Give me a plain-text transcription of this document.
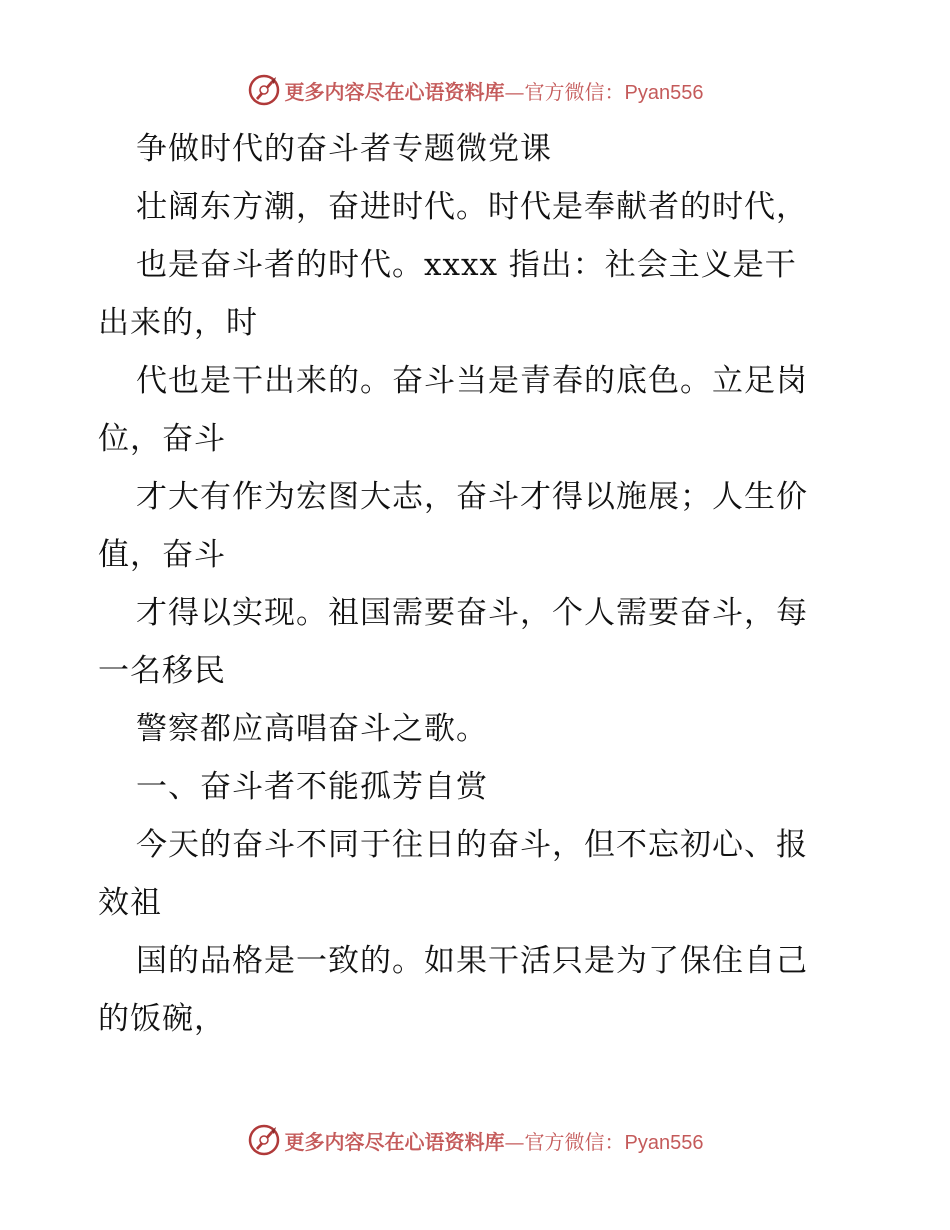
更多内容尽在心语资料库—官方微信：Pyan556
争做时代的奋斗者专题微党课
壮阔东方潮，奋进时代。时代是奉献者的时代，
也是奋斗者的时代。xxxx 指出：社会主义是干
出来的，时
代也是干出来的。奋斗当是青春的底色。立足岗
位，奋斗
才大有作为宏图大志，奋斗才得以施展；人生价
值，奋斗
才得以实现。祖国需要奋斗，个人需要奋斗，每
一名移民
警察都应高唱奋斗之歌。
一、奋斗者不能孤芳自赏
今天的奋斗不同于往日的奋斗，但不忘初心、报
效祖
国的品格是一致的。如果干活只是为了保住自己
的饭碗，
更多内容尽在心语资料库—官方微信：Pyan556
